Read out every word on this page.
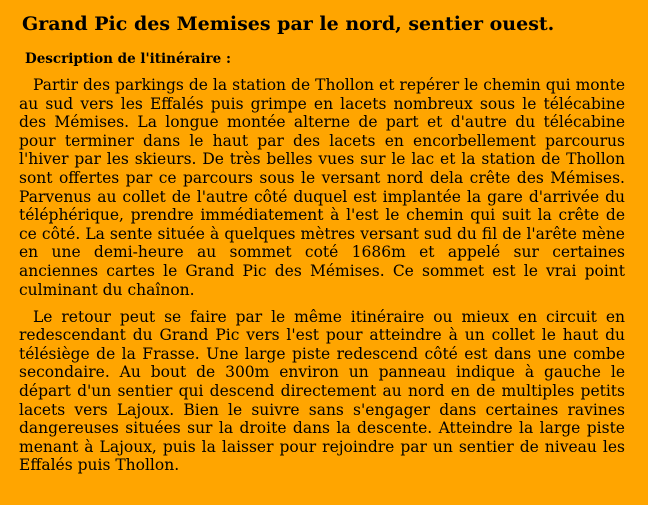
Grand Pic des Memises par le nord, sentier ouest.
Description de l'itinéraire :

Partir des parkings de la station de Thollon et repérer le chemin qui monte au sud vers les Effalés puis grimpe en lacets nombreux sous le télécabine des Mémises. La longue montée alterne de part et d'autre du télécabine pour terminer dans le haut par des lacets en encorbellement parcourus l'hiver par les skieurs. De très belles vues sur le lac et la station de Thollon sont offertes par ce parcours sous le versant nord dela crête des Mémises. Parvenus au collet de l'autre côté duquel est implantée la gare d'arrivée du téléphérique, prendre immédiatement à l'est le chemin qui suit la crête de ce côté. La sente située à quelques mètres versant sud du fil de l'arête mène en une demi-heure au sommet coté 1686m et appelé sur certaines anciennes cartes le Grand Pic des Mémises. Ce sommet est le vrai point culminant du chaînon.

Le retour peut se faire par le même itinéraire ou mieux en circuit en redescendant du Grand Pic vers l'est pour atteindre à un collet le haut du télésiège de la Frasse. Une large piste redescend côté est dans une combe secondaire. Au bout de 300m environ un panneau indique à gauche le départ d'un sentier qui descend directement au nord en de multiples petits lacets vers Lajoux. Bien le suivre sans s'engager dans certaines ravines dangereuses situées sur la droite dans la descente. Atteindre la large piste menant à Lajoux, puis la laisser pour rejoindre par un sentier de niveau les Effalés puis Thollon.
